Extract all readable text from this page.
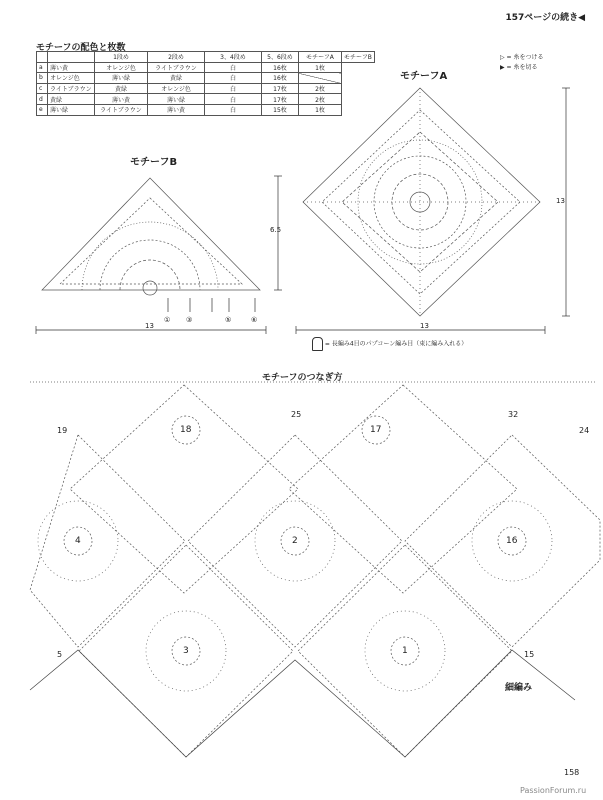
157ページの続き◀
モチーフの配色と枚数
		1段め	2段め	3、4段め	5、6段め	モチーフA	モチーフB
a	薄い黄	オレンジ色	ライトブラウン	白	16枚	1枚
b	オレンジ色	薄い緑	黄緑	白	16枚	
c	ライトブラウン	黄緑	オレンジ色	白	17枚	2枚
d	黄緑	薄い黄	薄い緑	白	17枚	2枚
e	薄い緑	ライトブラウン	薄い黄	白	15枚	1枚
▷ = 糸をつける
▶ = 糸を切る
モチーフA
モチーフB
6.5
13
13
13
= 長編み4目のパプコーン編み目（束に編み入れる）
モチーフのつなぎ方
① ③	⑤	⑥
18	17
4	2	16
3	1
19
25	32
24
5	15
細編み
158
PassionForum.ru
